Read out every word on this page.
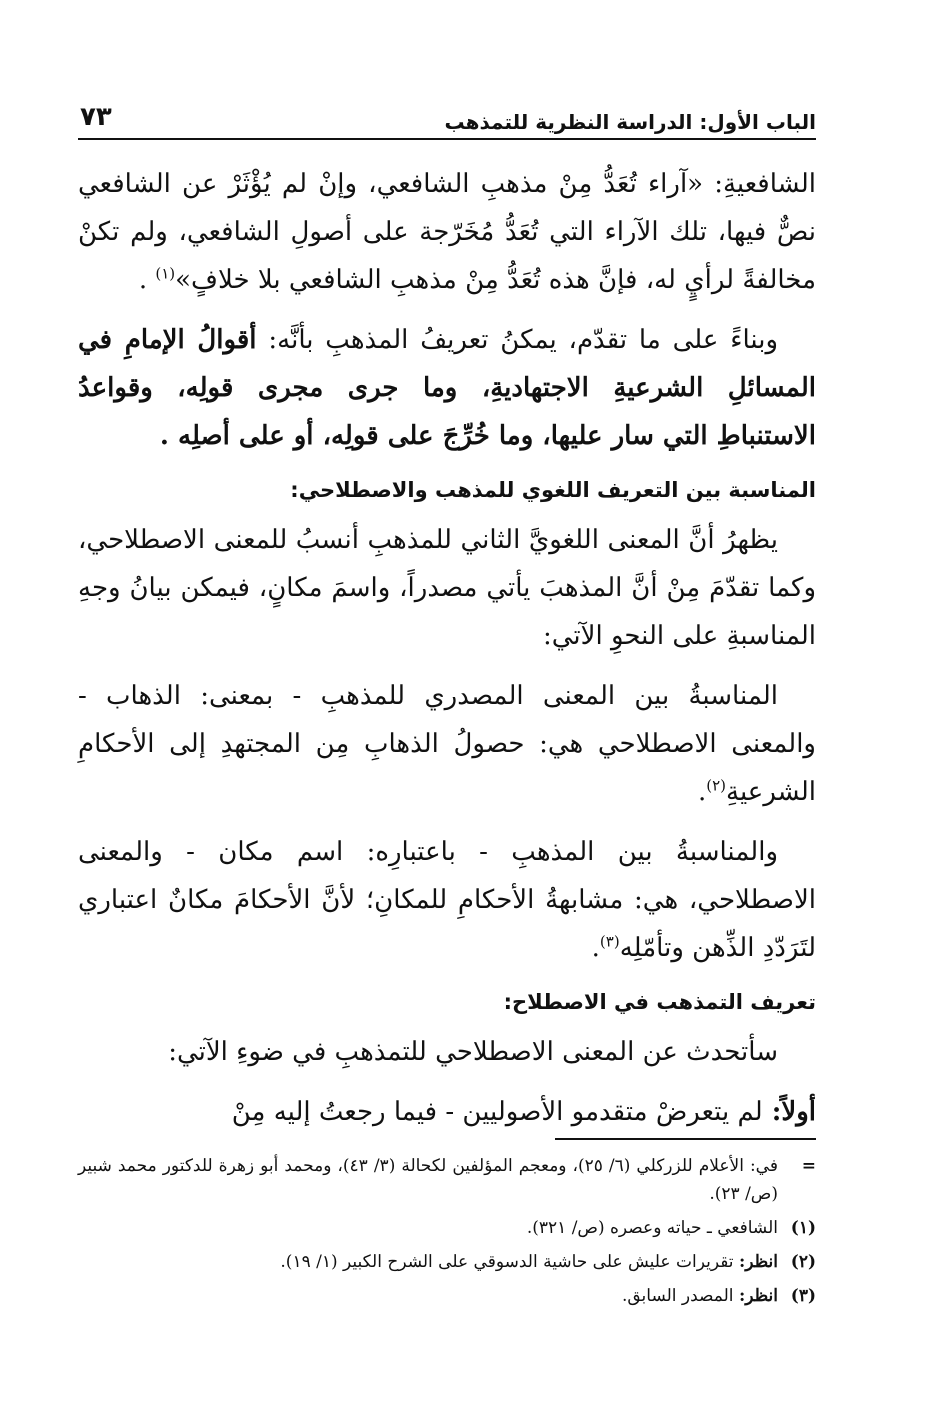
الباب الأول: الدراسة النظرية للتمذهب
٧٣

الشافعيةِ: «آراء تُعَدُّ مِنْ مذهبِ الشافعي، وإنْ لم يُؤْثَرْ عن الشافعي نصٌّ فيها، تلك الآراء التي تُعَدُّ مُخَرّجة على أصولِ الشافعي، ولم تكنْ مخالفةً لرأيٍ له، فإنَّ هذه تُعَدُّ مِنْ مذهبِ الشافعي بلا خلافٍ»$^{(١)}$ .

وبناءً على ما تقدّم، يمكنُ تعريفُ المذهبِ بأنَّه: أقوالُ الإمامِ في المسائلِ الشرعيةِ الاجتهاديةِ، وما جرى مجرى قولِه، وقواعدُ الاستنباطِ التي سار عليها، وما خُرِّجَ على قولِه، أو على أصلِه .

المناسبة بين التعريف اللغوي للمذهب والاصطلاحي:

يظهرُ أنَّ المعنى اللغويَّ الثاني للمذهبِ أنسبُ للمعنى الاصطلاحي، وكما تقدّمَ مِنْ أنَّ المذهبَ يأتي مصدراً، واسمَ مكانٍ، فيمكن بيانُ وجهِ المناسبةِ على النحوِ الآتي:

المناسبةُ بين المعنى المصدري للمذهبِ - بمعنى: الذهاب - والمعنى الاصطلاحي هي: حصولُ الذهابِ مِن المجتهدِ إلى الأحكامِ الشرعيةِ$^{(٢)}$.

والمناسبةُ بين المذهبِ - باعتبارِه: اسم مكان - والمعنى الاصطلاحي، هي: مشابهةُ الأحكامِ للمكانِ؛ لأنَّ الأحكامَ مكانٌ اعتباري لتَرَدّدِ الذِّهن وتأمّلِه$^{(٣)}$.

تعريف التمذهب في الاصطلاح:

سأتحدث عن المعنى الاصطلاحي للتمذهبِ في ضوءِ الآتي:

أولاً: لم يتعرضْ متقدمو الأصوليين - فيما رجعتُ إليه مِنْ

=
في: الأعلام للزركلي (٦/ ٢٥)، ومعجم المؤلفين لكحالة (٣/ ٤٣)، ومحمد أبو زهرة للدكتور محمد شبير (ص/ ٢٣).
(١)
الشافعي ـ حياته وعصره (ص/ ٣٢١).
(٢)
انظر: تقريرات عليش على حاشية الدسوقي على الشرح الكبير (١/ ١٩).
(٣)
انظر: المصدر السابق.
